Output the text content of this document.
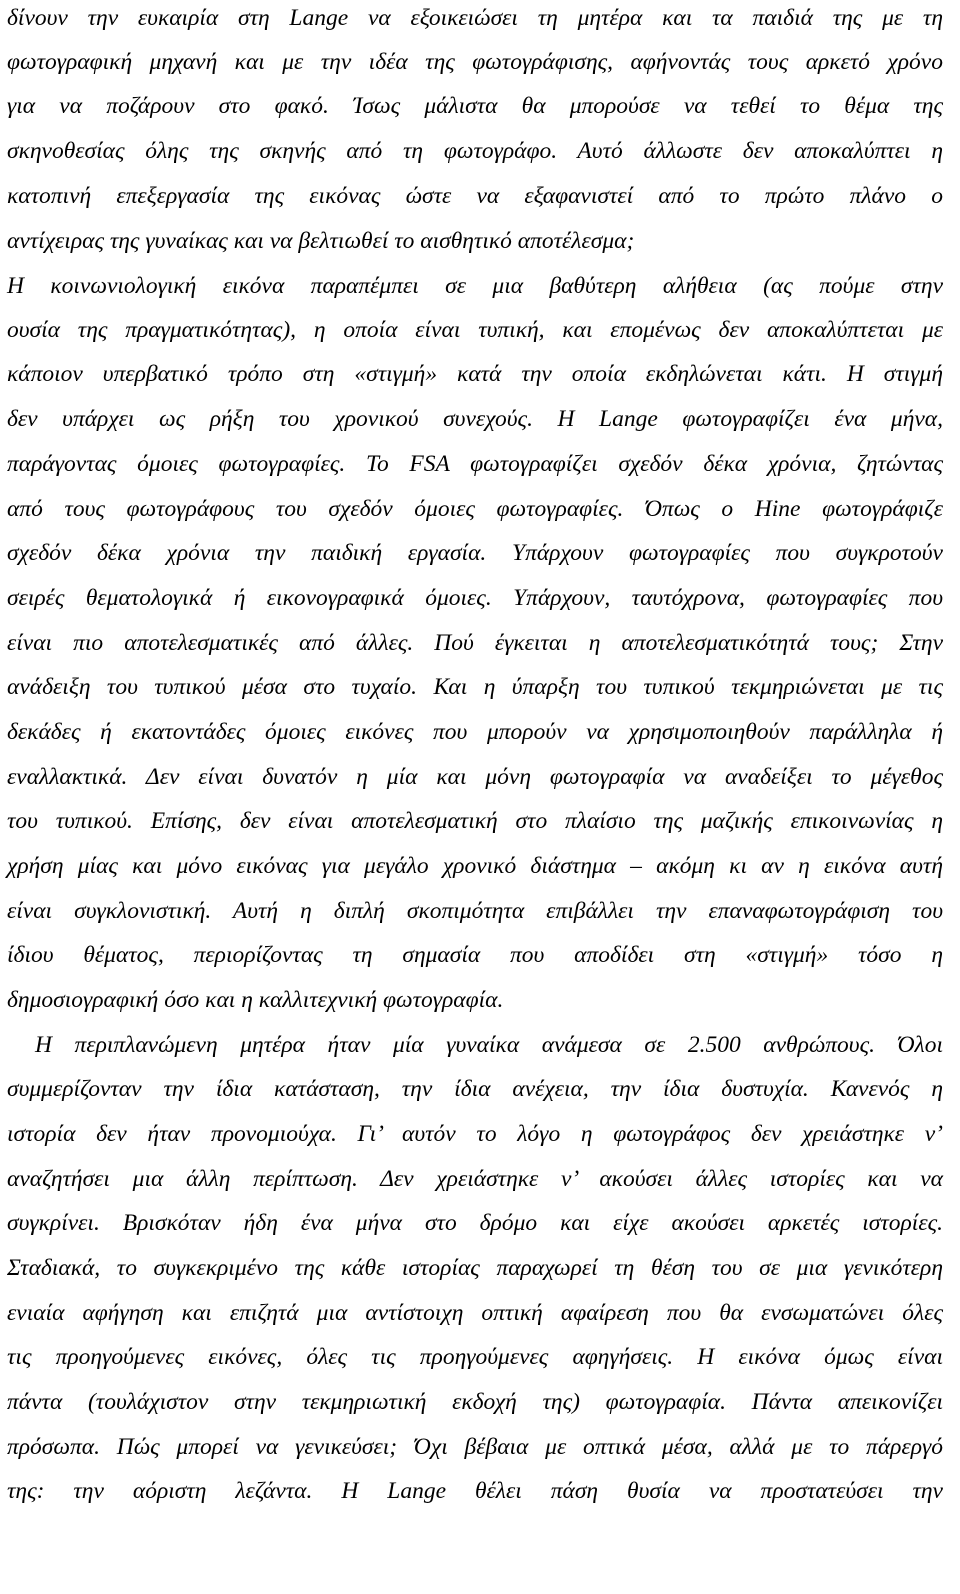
δίνουν την ευκαιρία στη Lange να εξοικειώσει τη μητέρα και τα παιδιά της με τη
φωτογραφική μηχανή και με την ιδέα της φωτογράφισης, αφήνοντάς τους αρκετό χρόνο
για να ποζάρουν στο φακό. Ίσως μάλιστα θα μπορούσε να τεθεί το θέμα της
σκηνοθεσίας όλης της σκηνής από τη φωτογράφο. Αυτό άλλωστε δεν αποκαλύπτει η
κατοπινή επεξεργασία της εικόνας ώστε να εξαφανιστεί από το πρώτο πλάνο ο
αντίχειρας της γυναίκας και να βελτιωθεί το αισθητικό αποτέλεσμα;
Η κοινωνιολογική εικόνα παραπέμπει σε μια βαθύτερη αλήθεια (ας πούμε στην
ουσία της πραγματικότητας), η οποία είναι τυπική, και επομένως δεν αποκαλύπτεται με
κάποιον υπερβατικό τρόπο στη «στιγμή» κατά την οποία εκδηλώνεται κάτι. Η στιγμή
δεν υπάρχει ως ρήξη του χρονικού συνεχούς. Η Lange φωτογραφίζει ένα μήνα,
παράγοντας όμοιες φωτογραφίες. Το FSA φωτογραφίζει σχεδόν δέκα χρόνια, ζητώντας
από τους φωτογράφους του σχεδόν όμοιες φωτογραφίες. Όπως ο Hine φωτογράφιζε
σχεδόν δέκα χρόνια την παιδική εργασία. Υπάρχουν φωτογραφίες που συγκροτούν
σειρές θεματολογικά ή εικονογραφικά όμοιες. Υπάρχουν, ταυτόχρονα, φωτογραφίες που
είναι πιο αποτελεσματικές από άλλες. Πού έγκειται η αποτελεσματικότητά τους; Στην
ανάδειξη του τυπικού μέσα στο τυχαίο. Και η ύπαρξη του τυπικού τεκμηριώνεται με τις
δεκάδες ή εκατοντάδες όμοιες εικόνες που μπορούν να χρησιμοποιηθούν παράλληλα ή
εναλλακτικά. Δεν είναι δυνατόν η μία και μόνη φωτογραφία να αναδείξει το μέγεθος
του τυπικού. Επίσης, δεν είναι αποτελεσματική στο πλαίσιο της μαζικής επικοινωνίας η
χρήση μίας και μόνο εικόνας για μεγάλο χρονικό διάστημα – ακόμη κι αν η εικόνα αυτή
είναι συγκλονιστική. Αυτή η διπλή σκοπιμότητα επιβάλλει την επαναφωτογράφιση του
ίδιου θέματος, περιορίζοντας τη σημασία που αποδίδει στη «στιγμή» τόσο η
δημοσιογραφική όσο και η καλλιτεχνική φωτογραφία.
Η περιπλανώμενη μητέρα ήταν μία γυναίκα ανάμεσα σε 2.500 ανθρώπους. Όλοι
συμμερίζονταν την ίδια κατάσταση, την ίδια ανέχεια, την ίδια δυστυχία. Κανενός η
ιστορία δεν ήταν προνομιούχα. Γι’ αυτόν το λόγο η φωτογράφος δεν χρειάστηκε ν’
αναζητήσει μια άλλη περίπτωση. Δεν χρειάστηκε ν’ ακούσει άλλες ιστορίες και να
συγκρίνει. Βρισκόταν ήδη ένα μήνα στο δρόμο και είχε ακούσει αρκετές ιστορίες.
Σταδιακά, το συγκεκριμένο της κάθε ιστορίας παραχωρεί τη θέση του σε μια γενικότερη
ενιαία αφήγηση και επιζητά μια αντίστοιχη οπτική αφαίρεση που θα ενσωματώνει όλες
τις προηγούμενες εικόνες, όλες τις προηγούμενες αφηγήσεις. Η εικόνα όμως είναι
πάντα (τουλάχιστον στην τεκμηριωτική εκδοχή της) φωτογραφία. Πάντα απεικονίζει
πρόσωπα. Πώς μπορεί να γενικεύσει; Όχι βέβαια με οπτικά μέσα, αλλά με το πάρεργό
της: την αόριστη λεζάντα. Η Lange θέλει πάση θυσία να προστατεύσει την
